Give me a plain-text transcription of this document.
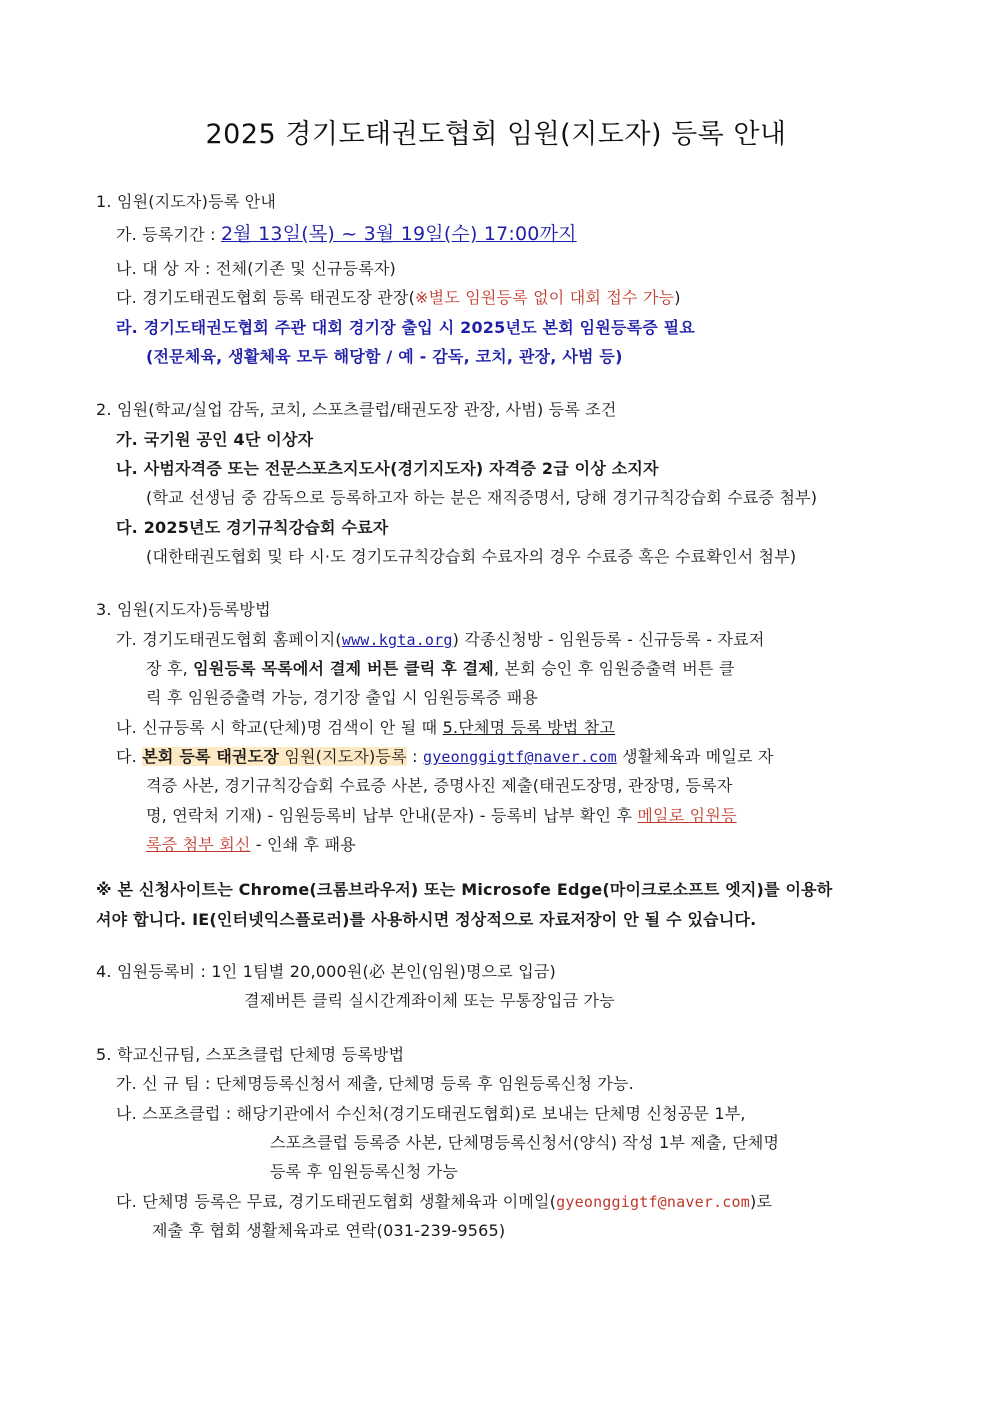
2025 경기도태권도협회 임원(지도자) 등록 안내
1. 임원(지도자)등록 안내
가. 등록기간 : 2월 13일(목) ~ 3월 19일(수) 17:00까지
나. 대 상 자 : 전체(기존 및 신규등록자)
다. 경기도태권도협회 등록 태권도장 관장(※별도 임원등록 없이 대회 접수 가능)
라. 경기도태권도협회 주관 대회 경기장 출입 시 2025년도 본회 임원등록증 필요
(전문체육, 생활체육 모두 해당함 / 예 - 감독, 코치, 관장, 사범 등)
2. 임원(학교/실업 감독, 코치, 스포츠클럽/태권도장 관장, 사범) 등록 조건
가. 국기원 공인 4단 이상자
나. 사범자격증 또는 전문스포츠지도사(경기지도자) 자격증 2급 이상 소지자
(학교 선생님 중 감독으로 등록하고자 하는 분은 재직증명서, 당해 경기규칙강습회 수료증 첨부)
다. 2025년도 경기규칙강습회 수료자
(대한태권도협회 및 타 시·도 경기도규칙강습회 수료자의 경우 수료증 혹은 수료확인서 첨부)
3. 임원(지도자)등록방법
가. 경기도태권도협회 홈페이지(www.kgta.org) 각종신청방 - 임원등록 - 신규등록 - 자료저
장 후, 임원등록 목록에서 결제 버튼 클릭 후 결제, 본회 승인 후 임원증출력 버튼 클
릭 후 임원증출력 가능, 경기장 출입 시 임원등록증 패용
나. 신규등록 시 학교(단체)명 검색이 안 될 때 5.단체명 등록 방법 참고
다. 본회 등록 태권도장 임원(지도자)등록 : gyeonggigtf@naver.com 생활체육과 메일로 자
격증 사본, 경기규칙강습회 수료증 사본, 증명사진 제출(태권도장명, 관장명, 등록자
명, 연락처 기재) - 임원등록비 납부 안내(문자) - 등록비 납부 확인 후 메일로 임원등
록증 첨부 회신 - 인쇄 후 패용
※ 본 신청사이트는 Chrome(크롬브라우저) 또는 Microsofe Edge(마이크로소프트 엣지)를 이용하
셔야 합니다. IE(인터넷익스플로러)를 사용하시면 정상적으로 자료저장이 안 될 수 있습니다.
4. 임원등록비 : 1인 1팀별 20,000원(必 본인(임원)명으로 입금)
결제버튼 클릭 실시간계좌이체 또는 무통장입금 가능
5. 학교신규팀, 스포츠클럽 단체명 등록방법
가. 신 규 팀 : 단체명등록신청서 제출, 단체명 등록 후 임원등록신청 가능.
나. 스포츠클럽 : 해당기관에서 수신처(경기도태권도협회)로 보내는 단체명 신청공문 1부,
스포츠클럽 등록증 사본, 단체명등록신청서(양식) 작성 1부 제출, 단체명
등록 후 임원등록신청 가능
다. 단체명 등록은 무료, 경기도태권도협회 생활체육과 이메일(gyeonggigtf@naver.com)로
제출 후 협회 생활체육과로 연락(031-239-9565)
